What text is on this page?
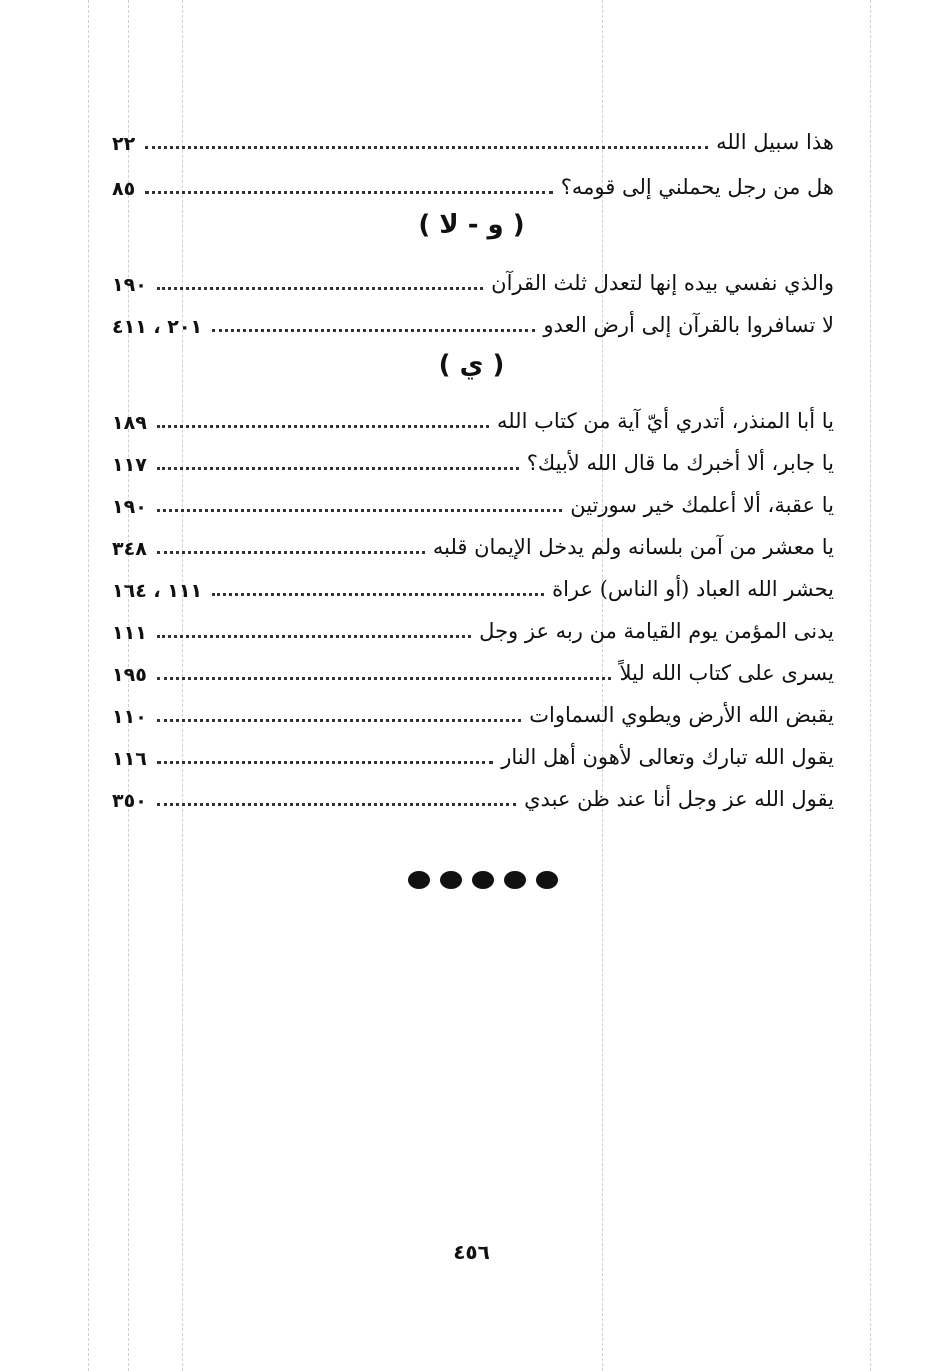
٢٢	هذا سبيل الله
٨٥	هل من رجل يحملني إلى قومه؟
( و - لا )
١٩٠	والذي نفسي بيده إنها لتعدل ثلث القرآن
٢٠١ ، ٤١١	لا تسافروا بالقرآن إلى أرض العدو
( ي )
١٨٩	يا أبا المنذر، أتدري أيّ آية من كتاب الله
١١٧	يا جابر، ألا أخبرك ما قال الله لأبيك؟
١٩٠	يا عقبة، ألا أعلمك خير سورتين
٣٤٨	يا معشر من آمن بلسانه ولم يدخل الإيمان قلبه
١١١ ، ١٦٤	يحشر الله العباد (أو الناس) عراة
١١١	يدنى المؤمن يوم القيامة من ربه عز وجل
١٩٥	يسرى على كتاب الله ليلاً
١١٠	يقبض الله الأرض ويطوي السماوات
١١٦	يقول الله تبارك وتعالى لأهون أهل النار
٣٥٠	يقول الله عز وجل أنا عند ظن عبدي
٤٥٦
